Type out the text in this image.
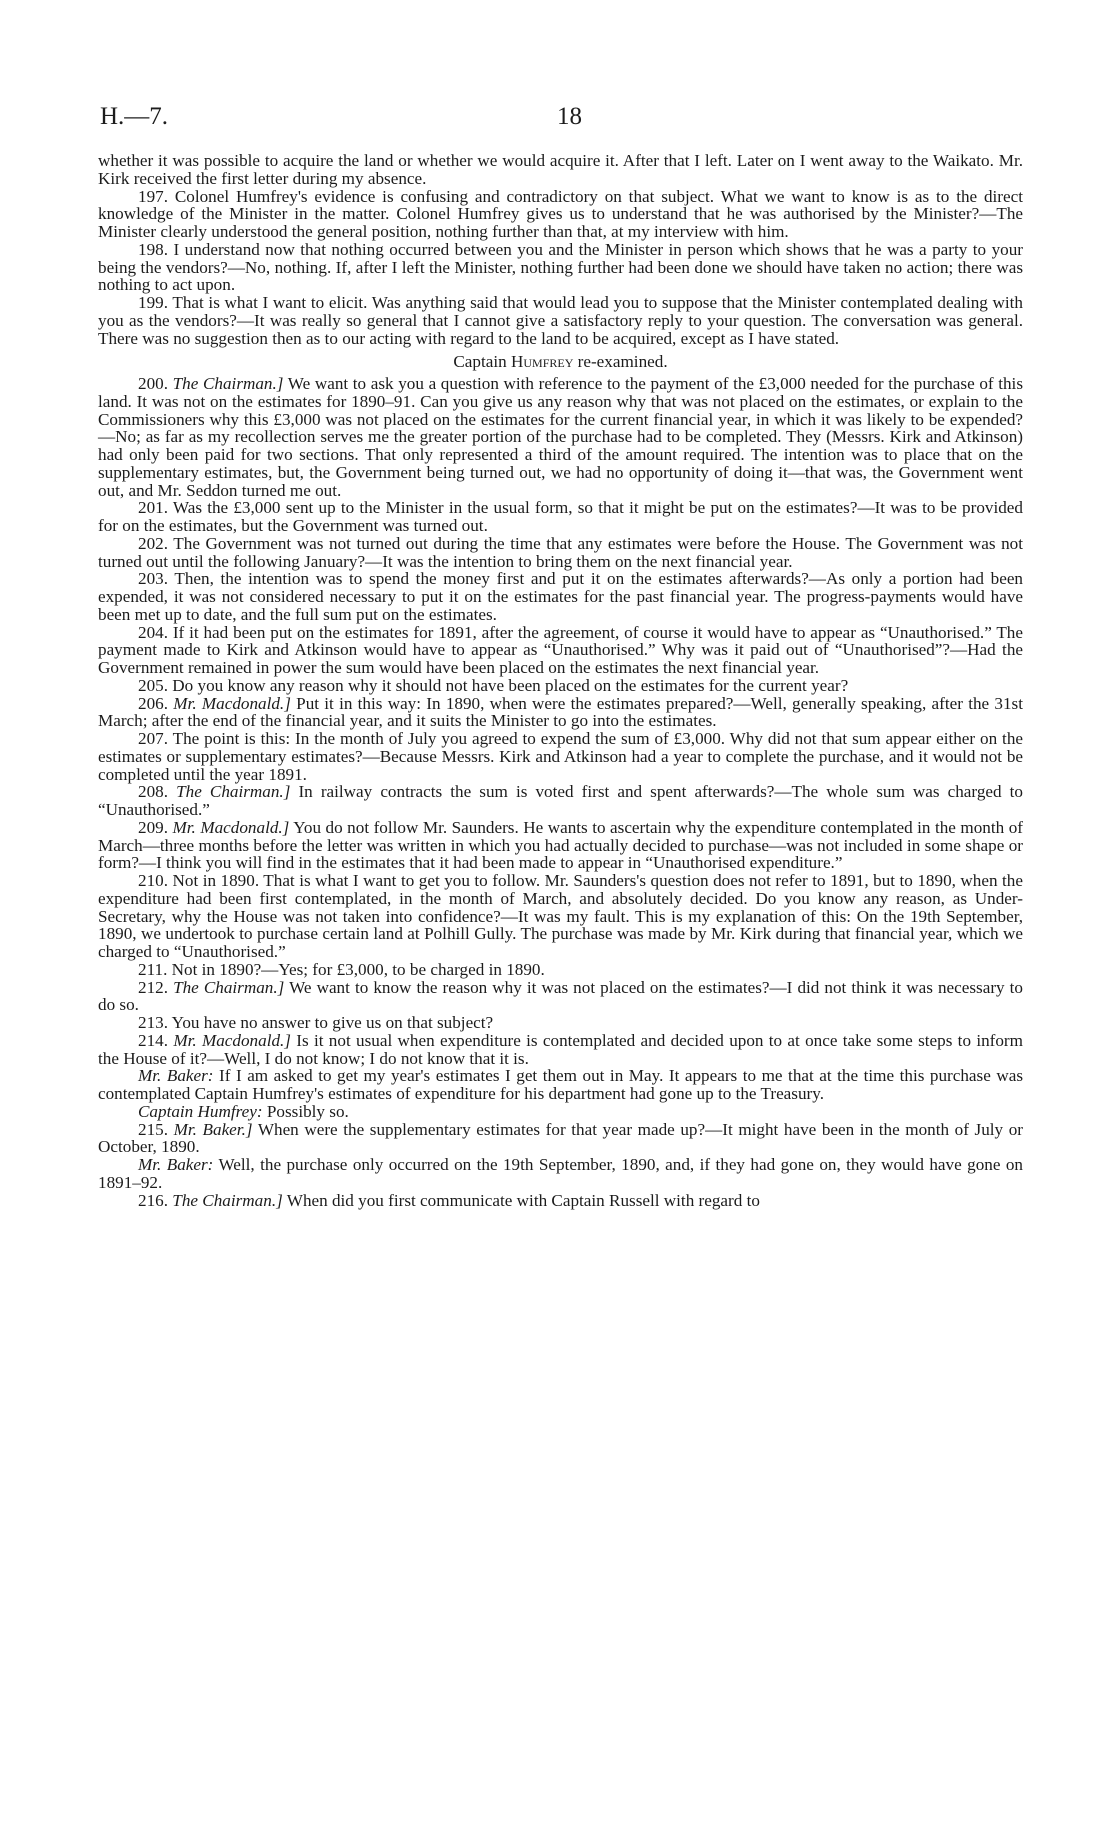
H.—7.	18

whether it was possible to acquire the land or whether we would acquire it. After that I left. Later on I went away to the Waikato. Mr. Kirk received the first letter during my absence.

197. Colonel Humfrey's evidence is confusing and contradictory on that subject. What we want to know is as to the direct knowledge of the Minister in the matter. Colonel Humfrey gives us to understand that he was authorised by the Minister?—The Minister clearly understood the general position, nothing further than that, at my interview with him.

198. I understand now that nothing occurred between you and the Minister in person which shows that he was a party to your being the vendors?—No, nothing. If, after I left the Minister, nothing further had been done we should have taken no action; there was nothing to act upon.

199. That is what I want to elicit. Was anything said that would lead you to suppose that the Minister contemplated dealing with you as the vendors?—It was really so general that I cannot give a satisfactory reply to your question. The conversation was general. There was no suggestion then as to our acting with regard to the land to be acquired, except as I have stated.

Captain Humfrey re-examined.

200. The Chairman.] We want to ask you a question with reference to the payment of the £3,000 needed for the purchase of this land. It was not on the estimates for 1890–91. Can you give us any reason why that was not placed on the estimates, or explain to the Commissioners why this £3,000 was not placed on the estimates for the current financial year, in which it was likely to be expended?—No; as far as my recollection serves me the greater portion of the purchase had to be completed. They (Messrs. Kirk and Atkinson) had only been paid for two sections. That only represented a third of the amount required. The intention was to place that on the supplementary estimates, but, the Government being turned out, we had no opportunity of doing it—that was, the Government went out, and Mr. Seddon turned me out.

201. Was the £3,000 sent up to the Minister in the usual form, so that it might be put on the estimates?—It was to be provided for on the estimates, but the Government was turned out.

202. The Government was not turned out during the time that any estimates were before the House. The Government was not turned out until the following January?—It was the intention to bring them on the next financial year.

203. Then, the intention was to spend the money first and put it on the estimates afterwards?—As only a portion had been expended, it was not considered necessary to put it on the estimates for the past financial year. The progress-payments would have been met up to date, and the full sum put on the estimates.

204. If it had been put on the estimates for 1891, after the agreement, of course it would have to appear as “Unauthorised.” The payment made to Kirk and Atkinson would have to appear as “Unauthorised.” Why was it paid out of “Unauthorised”?—Had the Government remained in power the sum would have been placed on the estimates the next financial year.

205. Do you know any reason why it should not have been placed on the estimates for the current year?

206. Mr. Macdonald.] Put it in this way: In 1890, when were the estimates prepared?—Well, generally speaking, after the 31st March; after the end of the financial year, and it suits the Minister to go into the estimates.

207. The point is this: In the month of July you agreed to expend the sum of £3,000. Why did not that sum appear either on the estimates or supplementary estimates?—Because Messrs. Kirk and Atkinson had a year to complete the purchase, and it would not be completed until the year 1891.

208. The Chairman.] In railway contracts the sum is voted first and spent afterwards?—The whole sum was charged to “Unauthorised.”

209. Mr. Macdonald.] You do not follow Mr. Saunders. He wants to ascertain why the expenditure contemplated in the month of March—three months before the letter was written in which you had actually decided to purchase—was not included in some shape or form?—I think you will find in the estimates that it had been made to appear in “Unauthorised expenditure.”

210. Not in 1890. That is what I want to get you to follow. Mr. Saunders's question does not refer to 1891, but to 1890, when the expenditure had been first contemplated, in the month of March, and absolutely decided. Do you know any reason, as Under-Secretary, why the House was not taken into confidence?—It was my fault. This is my explanation of this: On the 19th September, 1890, we undertook to purchase certain land at Polhill Gully. The purchase was made by Mr. Kirk during that financial year, which we charged to “Unauthorised.”

211. Not in 1890?—Yes; for £3,000, to be charged in 1890.

212. The Chairman.] We want to know the reason why it was not placed on the estimates?—I did not think it was necessary to do so.

213. You have no answer to give us on that subject?

214. Mr. Macdonald.] Is it not usual when expenditure is contemplated and decided upon to at once take some steps to inform the House of it?—Well, I do not know; I do not know that it is.

Mr. Baker: If I am asked to get my year's estimates I get them out in May. It appears to me that at the time this purchase was contemplated Captain Humfrey's estimates of expenditure for his department had gone up to the Treasury.

Captain Humfrey: Possibly so.

215. Mr. Baker.] When were the supplementary estimates for that year made up?—It might have been in the month of July or October, 1890.

Mr. Baker: Well, the purchase only occurred on the 19th September, 1890, and, if they had gone on, they would have gone on 1891–92.

216. The Chairman.] When did you first communicate with Captain Russell with regard to
